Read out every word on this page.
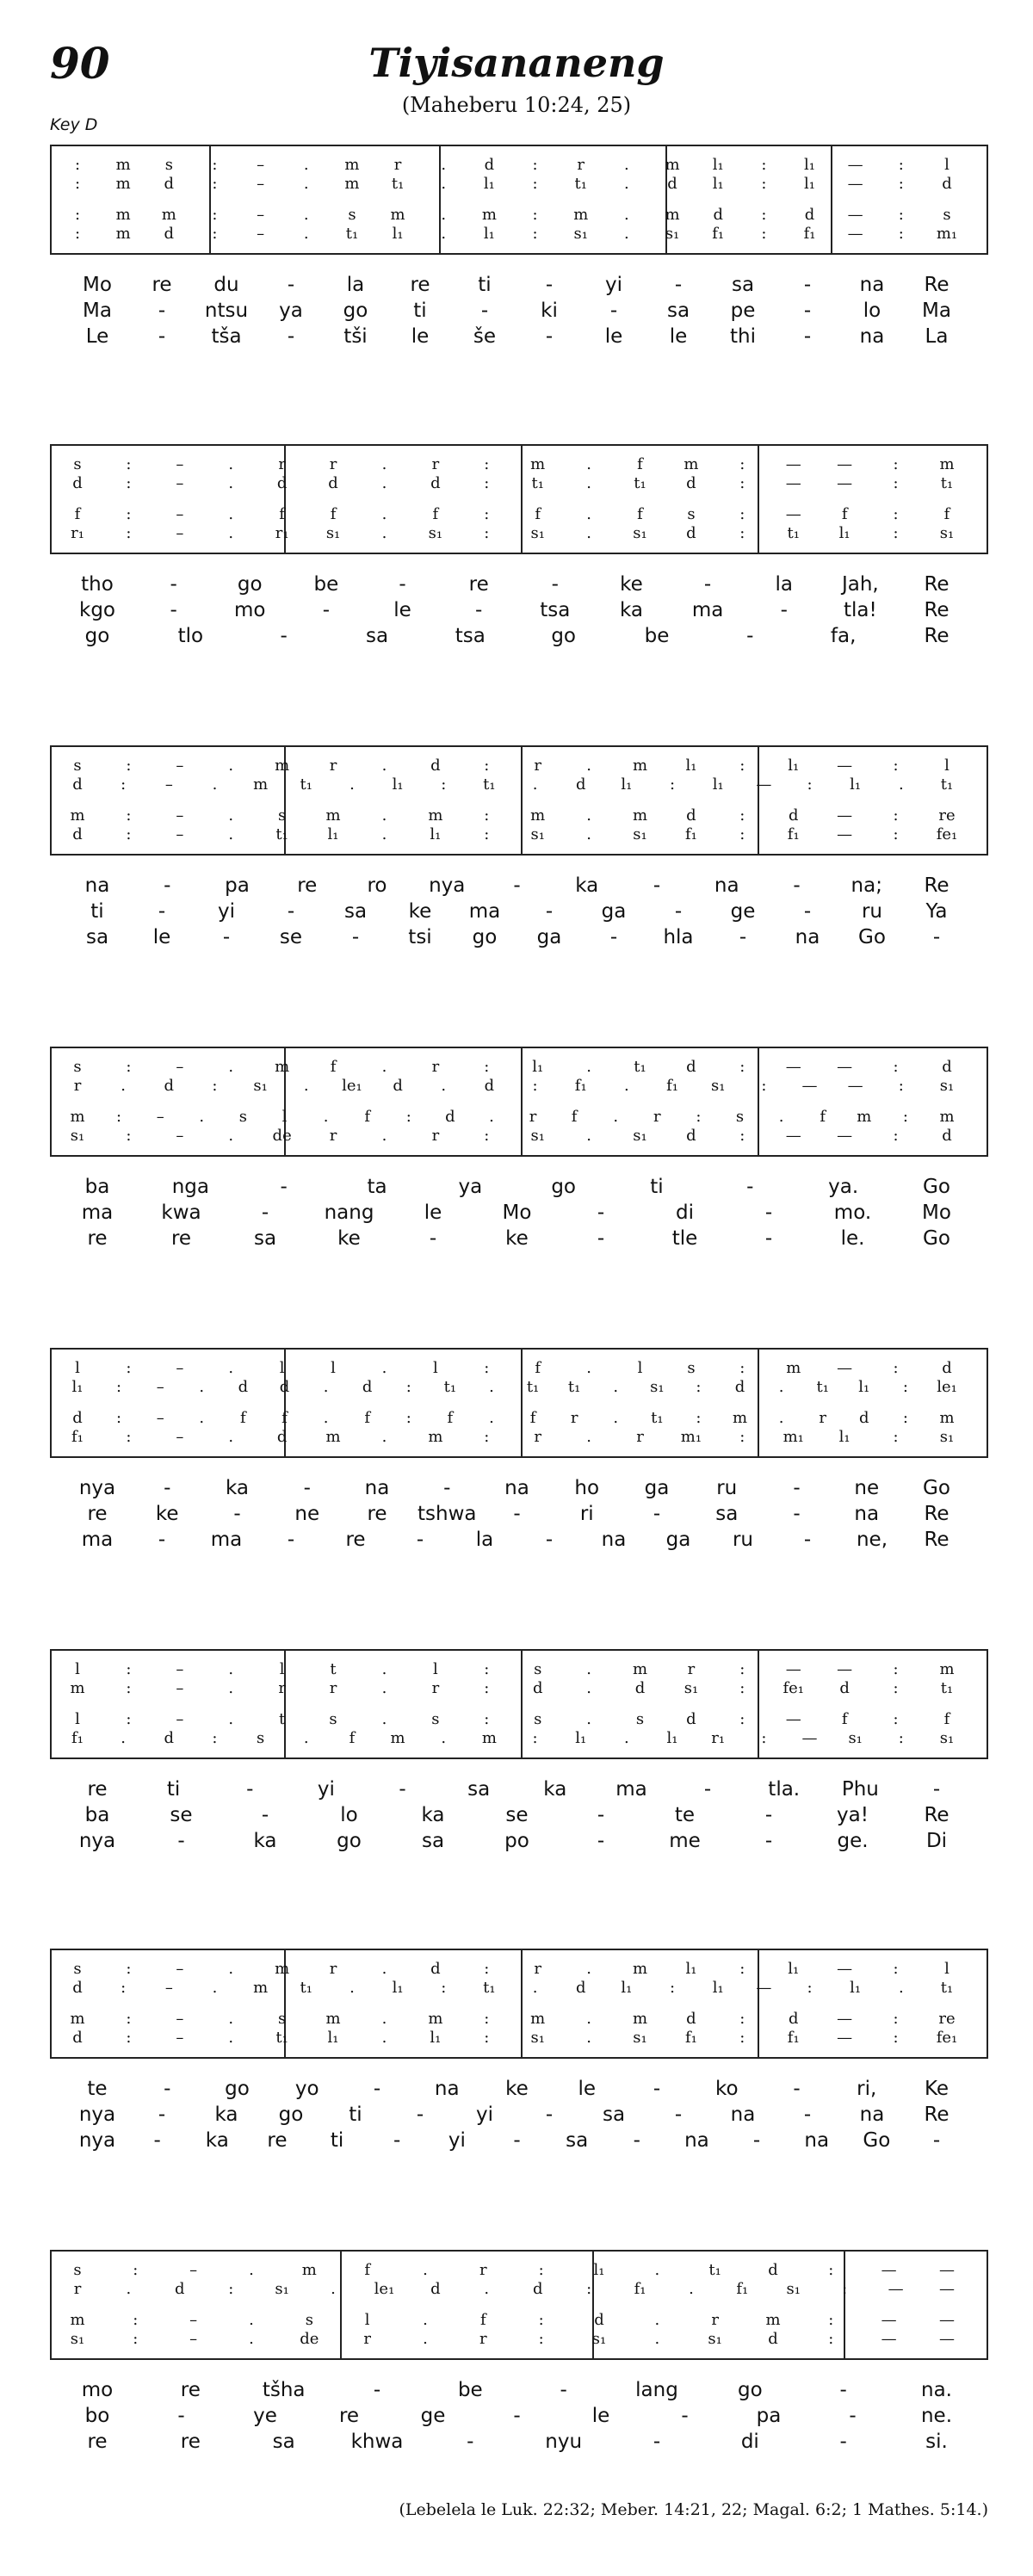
90	Tiyisananeng
(Maheberu 10:24, 25)
Key D
: m s	:	–	. m r	. d :	r	. m l₁ : l₁ — :	l
: m d :	–	. m t₁ . l₁ : t₁ . d l₁ : l₁ — : d
: m m :	–	.	s m . m : m . m d : d — :	s
: m d :	–	. t₁ l₁ . l₁ : s₁ . s₁ f₁ : f₁ — : m₁
Mo re du -	la re ti	-	yi	-	sa	- na Re
Ma - ntsu ya go ti	-	ki	-	sa pe -	lo Ma
Le	- tša - tši le še	-	le le thi - na La
s	:	–	.	r	r	.	r	:	m	.	f	m	:	— —	:	m
d	:	–	.	d	d	.	d	:	t₁	.	t₁	d	:	— —	:	t₁
f	:	–	.	f	f	.	f	:	f	.	f	s	:	—	f	:	f
r₁	:	–	.	r₁ s₁	.	s₁	:	s₁	.	s₁	d	:	t₁	l₁	:	s₁
tho	-	go	be	-	re	-	ke	-	la Jah, Re
kgo	-	mo	-	le	-	tsa	ka ma	-	tla! Re
go	tlo	-	sa	tsa	go	be	-	fa,	Re
s	:	–	.	m	r	.	d	:	r	.	m l₁	:	l₁ —	:	l
d :	–	. m t₁ . l₁ : t₁ . d l₁ : l₁ — : l₁ . t₁
m	:	–	.	s	m	.	m	:	m	.	m	d	:	d —	:	re
d	:	–	.	t₁	l₁	.	l₁	:	s₁	.	s₁ f₁	:	f₁ —	: fe₁
na	-	pa re	ro nya -	ka	-	na	-	na; Re
ti	-	yi	-	sa ke ma - ga - ge -	ru Ya
sa le	-	se	- tsi go ga - hla - na Go -
s	:	–	.	m	f	.	r	:	l₁	.	t₁	d	:	— —	:	d
r	. d : s₁ . le₁ d . d : f₁ . f₁ s₁ : — — : s₁
m : – . s l . f : d . r f . r : s . f m : m
s₁	:	–	.	de r	.	r	:	s₁	.	s₁	d	:	— —	:	d
ba	nga	-	ta	ya	go	ti	-	ya.	Go
ma kwa	-	nang	le	Mo	-	di	-	mo.	Mo
re	re	sa	ke	-	ke	-	tle	-	le.	Go
l	:	–	.	l	l	.	l	:	f	.	l	s	:	m —	:	d
l₁ : – . d d . d : t₁ . t₁ t₁ . s₁ : d . t₁ l₁ : le₁
d : – . f f . f : f . f r . t₁ : m . r d : m
f₁	:	–	.	d	m	.	m	:	r	.	r m₁ : m₁ l₁	:	s₁
nya -	ka	-	na	-	na ho ga ru	-	ne Go
re ke	-	ne re tshwa -	ri	-	sa	-	na Re
ma - ma -	re	-	la	- na ga ru	- ne, Re
l	:	–	.	l	t	.	l	:	s	.	m	r	:	— —	:	m
m	:	–	.	r	r	.	r	:	d	.	d	s₁	: fe₁ d	:	t₁
l	:	–	.	t	s	.	s	:	s	.	s	d	:	—	f	:	f
f₁ . d :	s	.	f m . m : l₁ . l₁ r₁ : — s₁ : s₁
re	ti	-	yi	-	sa	ka ma	-	tla. Phu	-
ba	se	-	lo	ka	se	-	te	-	ya!	Re
nya	-	ka	go	sa	po	-	me	-	ge.	Di
s	:	–	.	m	r	.	d	:	r	.	m l₁	:	l₁ —	:	l
d :	–	. m t₁ . l₁ : t₁ . d l₁ : l₁ — : l₁ . t₁
m	:	–	.	s	m	.	m	:	m	.	m	d	:	d —	:	re
d	:	–	.	t₁	l₁	.	l₁	:	s₁	.	s₁ f₁	:	f₁ —	: fe₁
te	-	go yo	-	na ke	le	-	ko	-	ri, Ke
nya - ka go ti	-	yi	-	sa	- na - na Re
nya - ka re ti	- yi - sa - na - na Go -
s	:	–	.	m	f	.	r	:	l₁	.	t₁	d	:	—	—
r	.	d	:	s₁	. le₁ d	.	d	:	f₁	.	f₁ s₁	:	— —
m	:	–	.	s	l	.	f	:	d	.	r	m	:	—	—
s₁	:	–	.	de	r	.	r	:	s₁	.	s₁	d	:	—	—
mo	re	tšha	-	be	-	lang	go	-	na.
bo	-	ye	re	ge	-	le	-	pa	-	ne.
re	re	sa	khwa	-	nyu	-	di	-	si.
(Lebelela le Luk. 22:32; Meber. 14:21, 22; Magal. 6:2; 1 Mathes. 5:14.)
